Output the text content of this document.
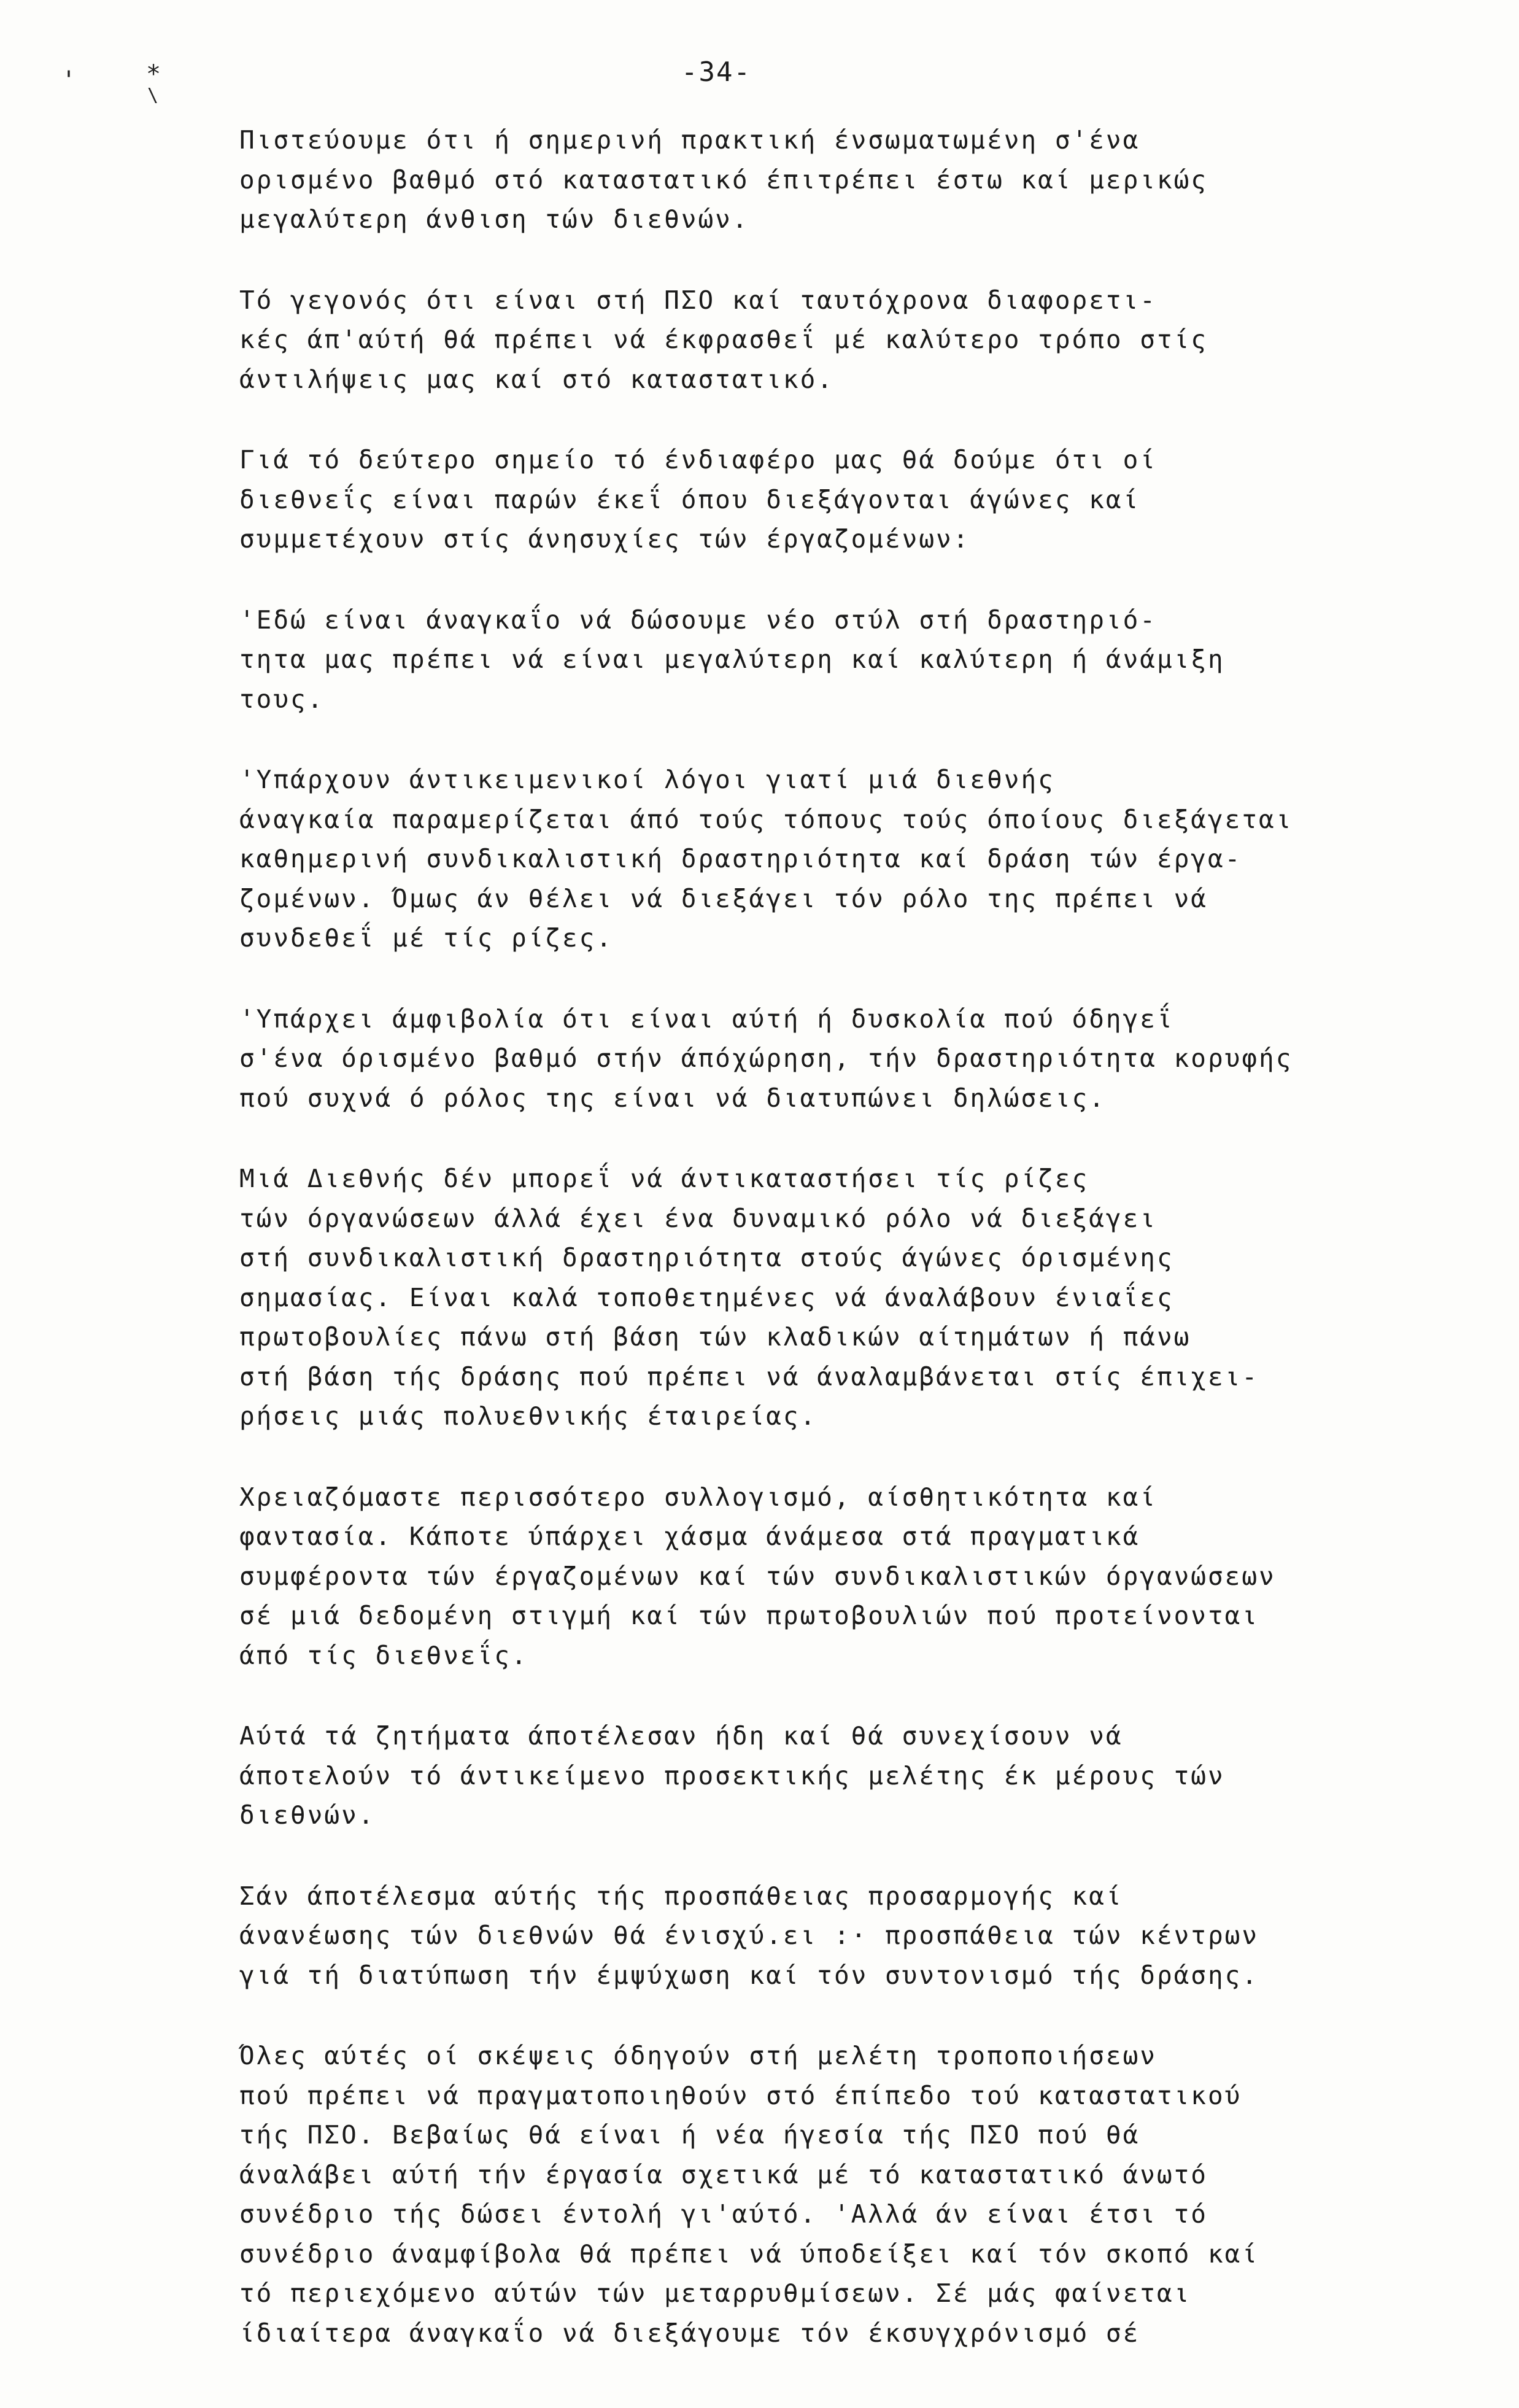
'	*
\
-34-

Πιστεύουμε ότι ή σημερινή πρακτική ένσωματωμένη σ'ένα
ορισμένο βαθμό στό καταστατικό έπιτρέπει έστω καί μερικώς
μεγαλύτερη άνθιση τών διεθνών.

Τό γεγονός ότι είναι στή ΠΣΟ καί ταυτόχρονα διαφορετι-
κές άπ'αύτή θά πρέπει νά έκφρασθεΐ μέ καλύτερο τρόπο στίς
άντιλήψεις μας καί στό καταστατικό.

Γιά τό δεύτερο σημείο τό ένδιαφέρο μας θά δούμε ότι οί
διεθνεΐς είναι παρών έκεΐ όπου διεξάγονται άγώνες καί
συμμετέχουν στίς άνησυχίες τών έργαζομένων:

'Εδώ είναι άναγκαΐο νά δώσουμε νέο στύλ στή δραστηριό-
τητα μας πρέπει νά είναι μεγαλύτερη καί καλύτερη ή άνάμιξη
τους.

'Υπάρχουν άντικειμενικοί λόγοι γιατί μιά διεθνής
άναγκαία παραμερίζεται άπό τούς τόπους τούς όποίους διεξάγεται
καθημερινή συνδικαλιστική δραστηριότητα καί δράση τών έργα-
ζομένων. Όμως άν θέλει νά διεξάγει τόν ρόλο της πρέπει νά
συνδεθεΐ μέ τίς ρίζες.

'Υπάρχει άμφιβολία ότι είναι αύτή ή δυσκολία πού όδηγεΐ
σ'ένα όρισμένο βαθμό στήν άπόχώρηση, τήν δραστηριότητα κορυφής
πού συχνά ό ρόλος της είναι νά διατυπώνει δηλώσεις.

Μιά Διεθνής δέν μπορεΐ νά άντικαταστήσει τίς ρίζες
τών όργανώσεων άλλά έχει ένα δυναμικό ρόλο νά διεξάγει
στή συνδικαλιστική δραστηριότητα στούς άγώνες όρισμένης
σημασίας. Είναι καλά τοποθετημένες νά άναλάβουν ένιαΐες
πρωτοβουλίες πάνω στή βάση τών κλαδικών αίτημάτων ή πάνω
στή βάση τής δράσης πού πρέπει νά άναλαμβάνεται στίς έπιχει-
ρήσεις μιάς πολυεθνικής έταιρείας.

Χρειαζόμαστε περισσότερο συλλογισμό, αίσθητικότητα καί
φαντασία. Κάποτε ύπάρχει χάσμα άνάμεσα στά πραγματικά
συμφέροντα τών έργαζομένων καί τών συνδικαλιστικών όργανώσεων
σέ μιά δεδομένη στιγμή καί τών πρωτοβουλιών πού προτείνονται
άπό τίς διεθνεΐς.

Αύτά τά ζητήματα άποτέλεσαν ήδη καί θά συνεχίσουν νά
άποτελούν τό άντικείμενο προσεκτικής μελέτης έκ μέρους τών
διεθνών.

Σάν άποτέλεσμα αύτής τής προσπάθειας προσαρμογής καί
άνανέωσης τών διεθνών θά ένισχύ.ει :· προσπάθεια τών κέντρων
γιά τή διατύπωση τήν έμψύχωση καί τόν συντονισμό τής δράσης.

Όλες αύτές οί σκέψεις όδηγούν στή μελέτη τροποποιήσεων
πού πρέπει νά πραγματοποιηθούν στό έπίπεδο τού καταστατικού
τής ΠΣΟ. Βεβαίως θά είναι ή νέα ήγεσία τής ΠΣΟ πού θά
άναλάβει αύτή τήν έργασία σχετικά μέ τό καταστατικό άνωτό
συνέδριο τής δώσει έντολή γι'αύτό. 'Αλλά άν είναι έτσι τό
συνέδριο άναμφίβολα θά πρέπει νά ύποδείξει καί τόν σκοπό καί
τό περιεχόμενο αύτών τών μεταρρυθμίσεων. Σέ μάς φαίνεται
ίδιαίτερα άναγκαΐο νά διεξάγουμε τόν έκσυγχρόνισμό σέ
